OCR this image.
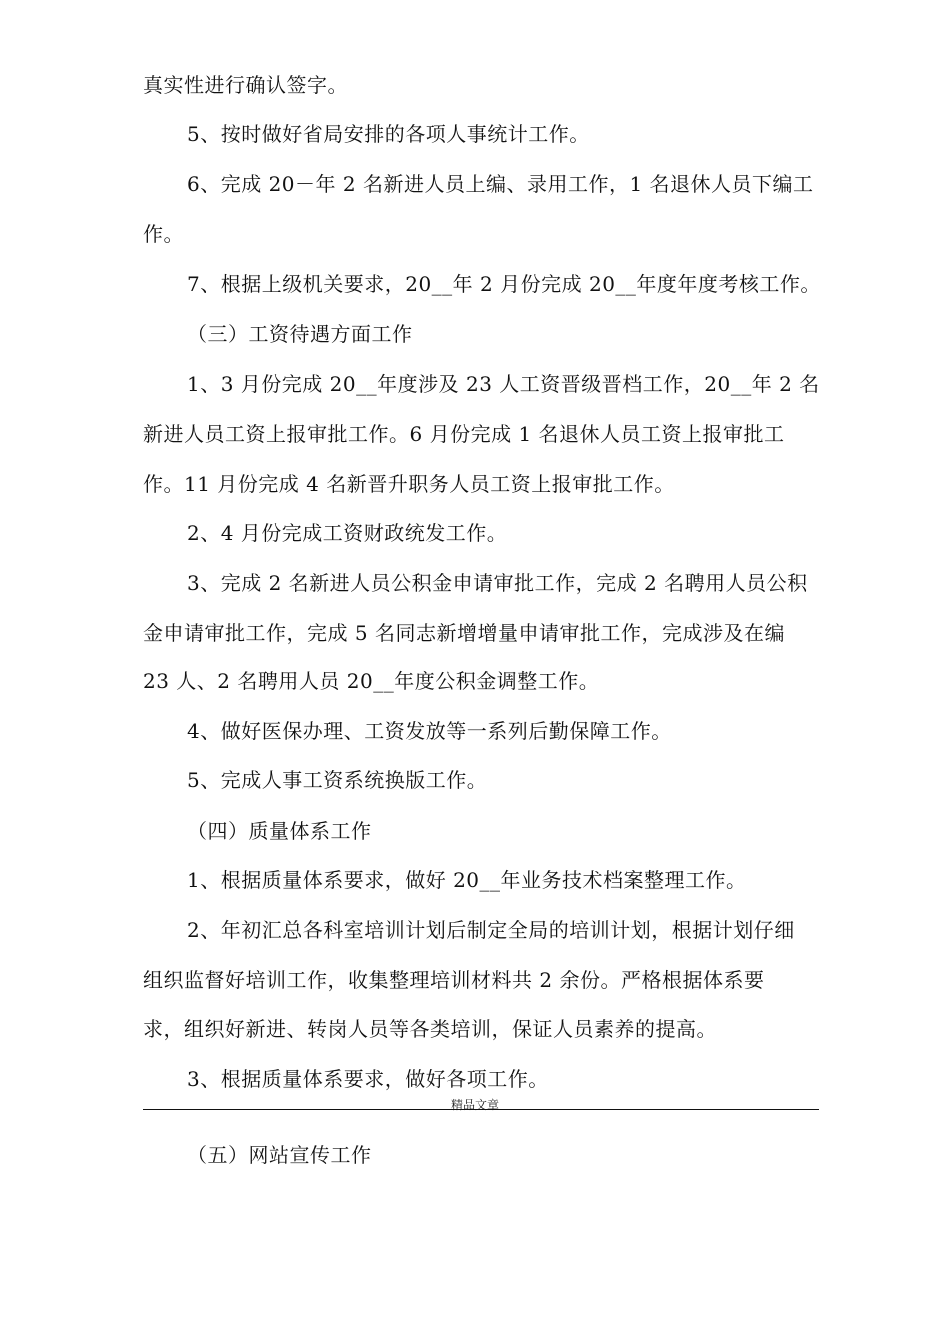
真实性进行确认签字。
5、按时做好省局安排的各项人事统计工作。
6、完成 20－年 2 名新进人员上编、录用工作，1 名退休人员下编工
作。
7、根据上级机关要求，20__年 2 月份完成 20__年度年度考核工作。
（三）工资待遇方面工作
1、3 月份完成 20__年度涉及 23 人工资晋级晋档工作，20__年 2 名
新进人员工资上报审批工作。6 月份完成 1 名退休人员工资上报审批工
作。11 月份完成 4 名新晋升职务人员工资上报审批工作。
2、4 月份完成工资财政统发工作。
3、完成 2 名新进人员公积金申请审批工作，完成 2 名聘用人员公积
金申请审批工作，完成 5 名同志新增增量申请审批工作，完成涉及在编
23 人、2 名聘用人员 20__年度公积金调整工作。
4、做好医保办理、工资发放等一系列后勤保障工作。
5、完成人事工资系统换版工作。
（四）质量体系工作
1、根据质量体系要求，做好 20__年业务技术档案整理工作。
2、年初汇总各科室培训计划后制定全局的培训计划，根据计划仔细
组织监督好培训工作，收集整理培训材料共 2 余份。严格根据体系要
求，组织好新进、转岗人员等各类培训，保证人员素养的提高。
3、根据质量体系要求，做好各项工作。
精品文章
（五）网站宣传工作
